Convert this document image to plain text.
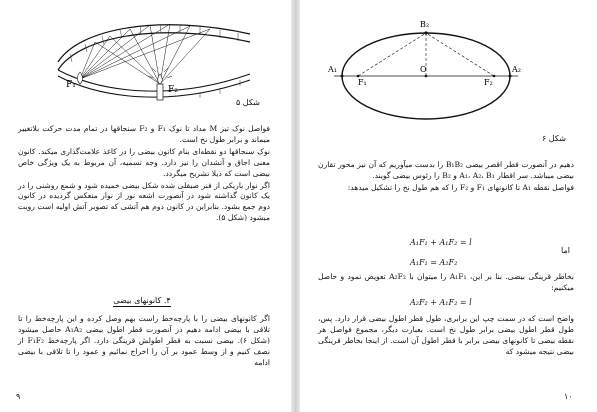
F₁	F₂
شکل ۵

فواصل نوک تیز M مداد تا نوک F₁ و F₂ سنجاقها در تمام مدت حرکت بلاتغییر میماند و برابر طول نخ است.

نوک سنجاقها دو نقطه‌ای بنام کانون بیضی را در کاغذ علامت‌گذاری میکند. کانون معنی اجاق و آتشدان را نیز دارد. وجه تسمیه، آن مربوط به یک ویژگی خاص بیضی است که ذیلا تشریح میگردد.

اگر نوار باریکی از فنر صیقلی شده شکل بیضی خمیده شود و شمع روشنی را در یک کانون گذاشته شود در آنصورت اشعه نور از نوار منعکس گردیده در کانون دوم جمع بشود. بنابراین در کانون دوم هم آتشی که تصویر آتش اولیه است رویت میشود (شکل ۵).

۴. کانونهای بیضی

اگر کانونهای بیضی را با پارچه‌خط راست بهم وصل کرده و این پارچه‌خط را تا تلاقی با بیضی ادامه دهیم در آنصورت قطر اطول بیضی A₁A₂ حاصل میشود (شکل ۶). بیضی نسبت به قطر اطولش قرینگی دارد. اگر پارچه‌خط F₁F₂ از نصف کنیم و از وسط عمود بر آن را اخراج نمائیم و عمود را تا تلاقی با بیضی ادامه

۹
B₂
A₁	A₂
F₁	F₂
O
شکل ۶

دهیم در آنصورت قطر اقصر بیضی B₁B₂ را بدست میآوریم که آن نیز محور تقارن بیضی میباشد. سر اقطار A₁، A₂، B₁ و B₂ را رئوس بیضی گویند.

فواصل نقطه A₁ تا کانونهای F₁ و F₂ را که هم طول نخ را تشکیل میدهد:

A₁F₁ + A₁F₂ = l
اما
A₁F₁ = A₂F₂

بخاطر قرینگی بیضی. بنا بر این، A₁F₁ را میتوان با A₂F₂ تعویض نمود و حاصل میکنیم:

A₂F₂ + A₁F₂ = l

واضح است که در سمت چپ این برابری، طول قطر اطول بیضی قرار دارد. پس، طول قطر اطول بیضی برابر طول نخ است. بعبارت دیگر، مجموع فواصل هر نقطه بیضی تا کانونهای بیضی برابر با قطر اطول آن است. از اینجا بخاطر قرینگی بیضی نتیجه میشود که

۱۰
